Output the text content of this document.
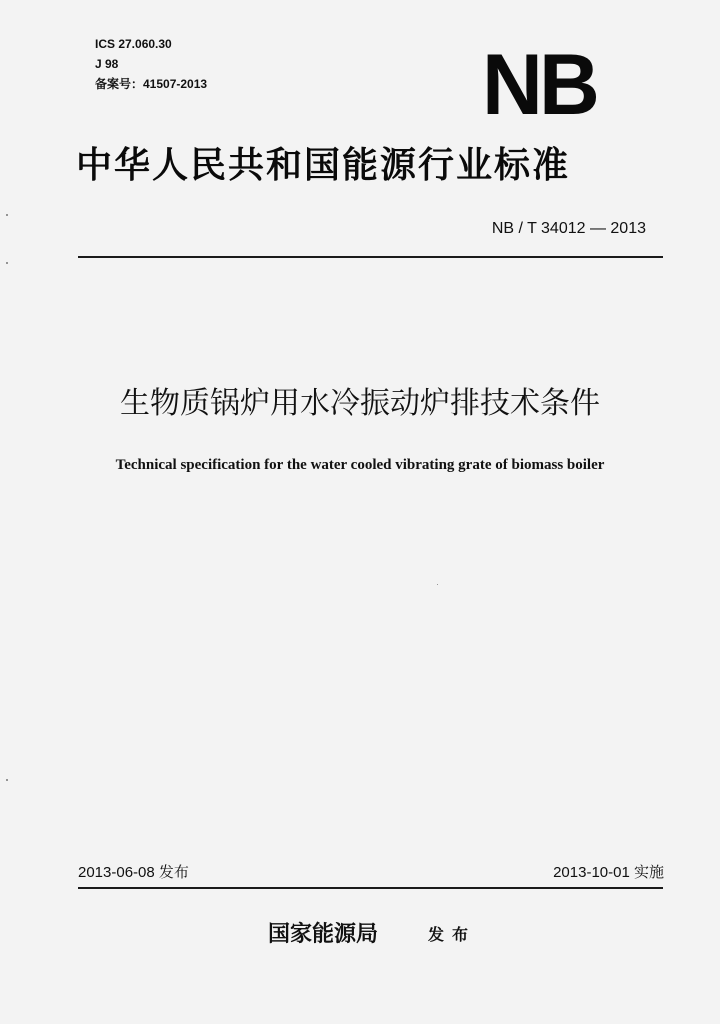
ICS 27.060.30
J 98
备案号：41507-2013	NB
中华人民共和国能源行业标准
NB / T 34012 — 2013
生物质锅炉用水冷振动炉排技术条件
Technical specification for the water cooled vibrating grate of biomass boiler
2013-06-08 发布	2013-10-01 实施
国家能源局	发布
